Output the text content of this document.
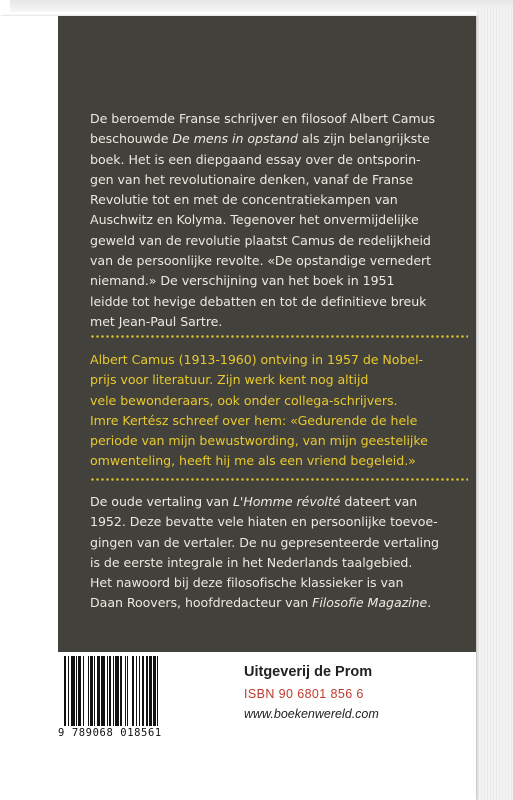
De beroemde Franse schrijver en filosoof Albert Camus
beschouwde De mens in opstand als zijn belangrijkste
boek. Het is een diepgaand essay over de ontsporin-
gen van het revolutionaire denken, vanaf de Franse
Revolutie tot en met de concentratiekampen van
Auschwitz en Kolyma. Tegenover het onvermijdelijke
geweld van de revolutie plaatst Camus de redelijkheid
van de persoonlijke revolte. «De opstandige vernedert
niemand.» De verschijning van het boek in 1951
leidde tot hevige debatten en tot de definitieve breuk
met Jean-Paul Sartre.
Albert Camus (1913-1960) ontving in 1957 de Nobel-
prijs voor literatuur. Zijn werk kent nog altijd
vele bewonderaars, ook onder collega-schrijvers.
Imre Kertész schreef over hem: «Gedurende de hele
periode van mijn bewustwording, van mijn geestelijke
omwenteling, heeft hij me als een vriend begeleid.»
De oude vertaling van L'Homme révolté dateert van
1952. Deze bevatte vele hiaten en persoonlijke toevoe-
gingen van de vertaler. De nu gepresenteerde vertaling
is de eerste integrale in het Nederlands taalgebied.
Het nawoord bij deze filosofische klassieker is van
Daan Roovers, hoofdredacteur van Filosofie Magazine.
9 789068 018561
Uitgeverij de Prom
ISBN 90 6801 856 6
www.boekenwereld.com
